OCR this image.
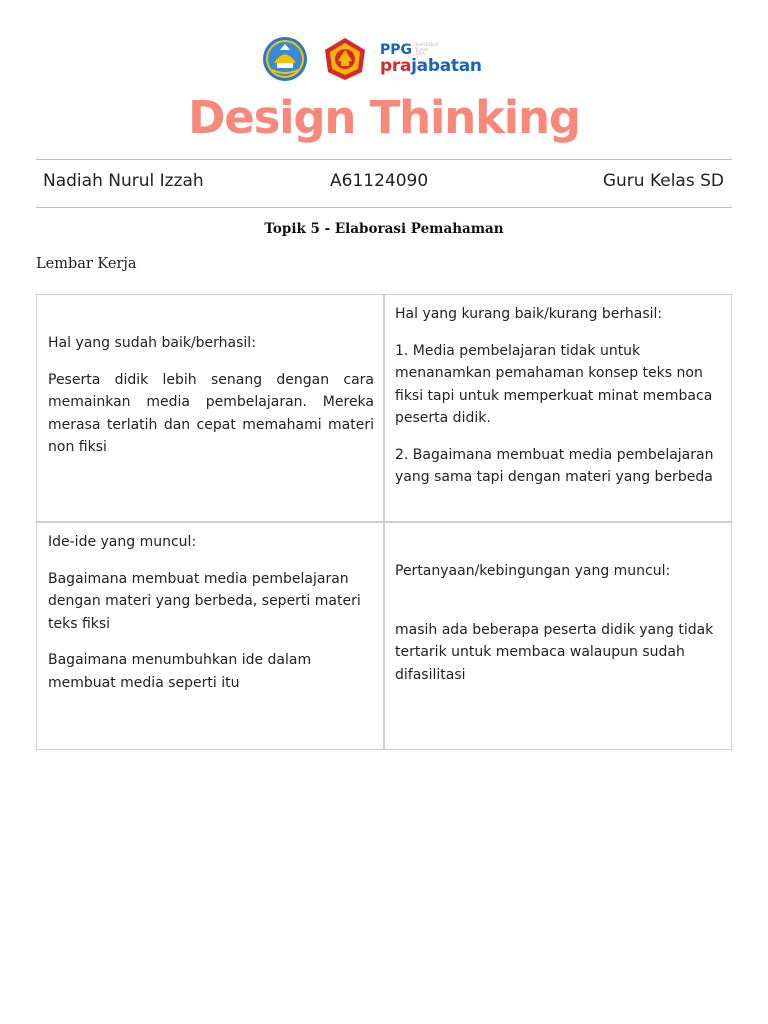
PPG Kemdikbud
Ristek
Dikti
prajabatan
Design Thinking
Nadiah Nurul Izzah	A61124090	Guru Kelas SD
Topik 5 - Elaborasi Pemahaman
Lembar Kerja

Hal yang sudah baik/berhasil:

Peserta didik lebih senang dengan cara memainkan media pembelajaran. Mereka merasa terlatih dan cepat memahami materi non fiksi

Hal yang kurang baik/kurang berhasil:

1. Media pembelajaran tidak untuk menanamkan pemahaman konsep teks non fiksi tapi untuk memperkuat minat membaca peserta didik.

2. Bagaimana membuat media pembelajaran yang sama tapi dengan materi yang berbeda

Ide-ide yang muncul:

Bagaimana membuat media pembelajaran dengan materi yang berbeda, seperti materi teks fiksi

Bagaimana menumbuhkan ide dalam membuat media seperti itu

Pertanyaan/kebingungan yang muncul:

masih ada beberapa peserta didik yang tidak tertarik untuk membaca walaupun sudah difasilitasi
